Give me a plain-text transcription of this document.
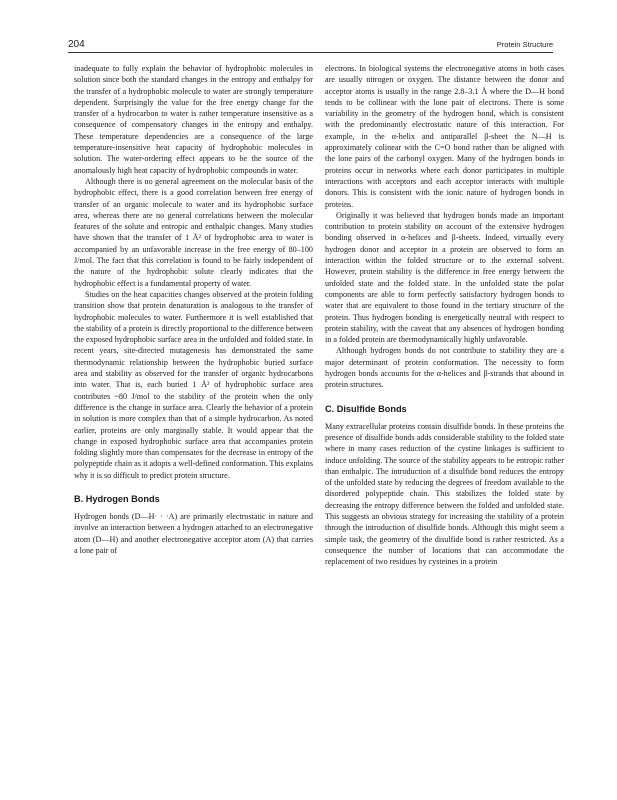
204	Protein Structure

inadequate to fully explain the behavior of hydrophobic molecules in solution since both the standard changes in the entropy and enthalpy for the transfer of a hydrophobic molecule to water are strongly temperature dependent. Surprisingly the value for the free energy change for the transfer of a hydrocarbon to water is rather temperature insensitive as a consequence of compensatory changes in the entropy and enthalpy. These temperature dependencies are a consequence of the large temperature-insensitive heat capacity of hydrophobic molecules in solution. The water-ordering effect appears to be the source of the anomalously high heat capacity of hydrophobic compounds in water.

Although there is no general agreement on the molecular basis of the hydrophobic effect, there is a good correlation between free energy of transfer of an organic molecule to water and its hydrophobic surface area, whereas there are no general correlations between the molecular features of the solute and entropic and enthalpic changes. Many studies have shown that the transfer of 1 Å² of hydrophobic area to water is accompanied by an unfavorable increase in the free energy of 80–100 J/mol. The fact that this correlation is found to be fairly independent of the nature of the hydrophobic solute clearly indicates that the hydrophobic effect is a fundamental property of water.

Studies on the heat capacities changes observed at the protein folding transition show that protein denaturation is analogous to the transfer of hydrophobic molecules to water. Furthermore it is well established that the stability of a protein is directly proportional to the difference between the exposed hydrophobic surface area in the unfolded and folded state. In recent years, site-directed mutagenesis has demonstrated the same thermodynamic relationship between the hydrophobic buried surface area and stability as observed for the transfer of organic hydrocarbons into water. That is, each buried 1 Å² of hydrophobic surface area contributes ~80 J/mol to the stability of the protein when the only difference is the change in surface area. Clearly the behavior of a protein in solution is more complex than that of a simple hydrocarbon. As noted earlier, proteins are only marginally stable. It would appear that the change in exposed hydrophobic surface area that accompanies protein folding slightly more than compensates for the decrease in entropy of the polypeptide chain as it adopts a well-defined conformation. This explains why it is so difficult to predict protein structure.

B. Hydrogen Bonds

Hydrogen bonds (D—H· · ·A) are primarily electrostatic in nature and involve an interaction between a hydrogen attached to an electronegative atom (D—H) and another electronegative acceptor atom (A) that carries a lone pair of

electrons. In biological systems the electronegative atoms in both cases are usually nitrogen or oxygen. The distance between the donor and acceptor atoms is usually in the range 2.8–3.1 Å where the D—H bond tends to be collinear with the lone pair of electrons. There is some variability in the geometry of the hydrogen bond, which is consistent with the predominantly electrostatic nature of this interaction. For example, in the α-helix and antiparallel β-sheet the N—H is approximately colinear with the C=O bond rather than be aligned with the lone pairs of the carbonyl oxygen. Many of the hydrogen bonds in proteins occur in networks where each donor participates in multiple interactions with acceptors and each acceptor interacts with multiple donors. This is consistent with the ionic nature of hydrogen bonds in proteins.

Originally it was believed that hydrogen bonds made an important contribution to protein stability on account of the extensive hydrogen bonding observed in α-helices and β-sheets. Indeed, virtually every hydrogen donor and acceptor in a protein are observed to form an interaction within the folded structure or to the external solvent. However, protein stability is the difference in free energy between the unfolded state and the folded state. In the unfolded state the polar components are able to form perfectly satisfactory hydrogen bonds to water that are equivalent to those found in the tertiary structure of the protein. Thus hydrogen bonding is energetically neutral with respect to protein stability, with the caveat that any absences of hydrogen bonding in a folded protein are thermodynamically highly unfavorable.

Although hydrogen bonds do not contribute to stability they are a major determinant of protein conformation. The necessity to form hydrogen bonds accounts for the α-helices and β-strands that abound in protein structures.

C. Disulfide Bonds

Many extracellular proteins contain disulfide bonds. In these proteins the presence of disulfide bonds adds considerable stability to the folded state where in many cases reduction of the cystine linkages is sufficient to induce unfolding. The source of the stability appears to be entropic rather than enthalpic. The introduction of a disulfide bond reduces the entropy of the unfolded state by reducing the degrees of freedom available to the disordered polypeptide chain. This stabilizes the folded state by decreasing the entropy difference between the folded and unfolded state. This suggests an obvious strategy for increasing the stability of a protein through the introduction of disulfide bonds. Although this might seem a simple task, the geometry of the disulfide bond is rather restricted. As a consequence the number of locations that can accommodate the replacement of two residues by cysteines in a protein
